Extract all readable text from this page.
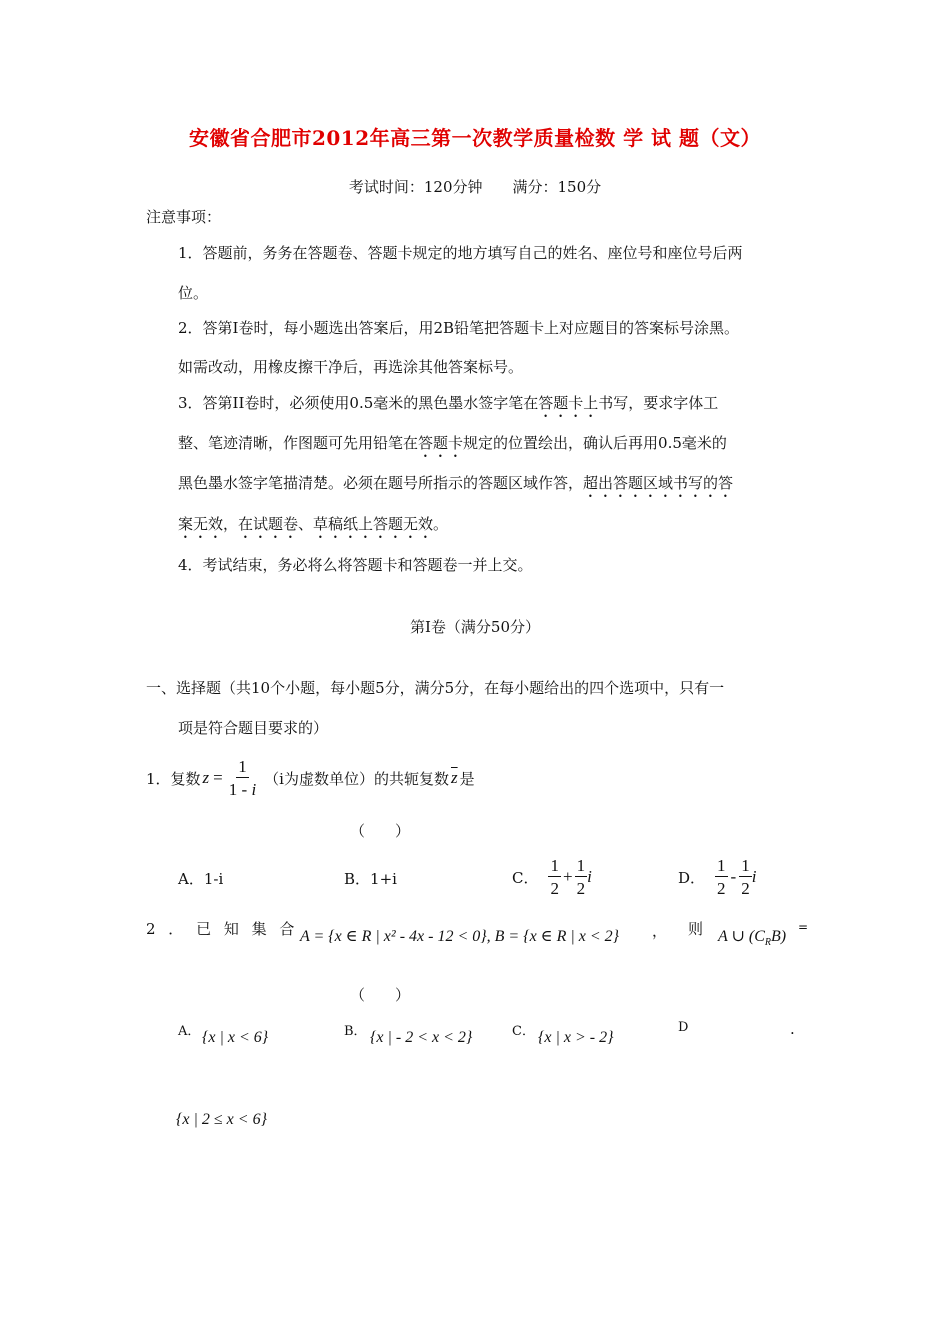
安徽省合肥市2012年高三第一次教学质量检数 学 试 题（文）
考试时间：120分钟　　满分：150分
注意事项：
1．答题前，务务在答题卷、答题卡规定的地方填写自己的姓名、座位号和座位号后两
位。
2．答第I卷时，每小题选出答案后，用2B铅笔把答题卡上对应题目的答案标号涂黑。
如需改动，用橡皮擦干净后，再选涂其他答案标号。
3．答第II卷时，必须使用0.5毫米的黑色墨水签字笔在答题卡上书写，要求字体工
整、笔迹清晰，作图题可先用铅笔在答题卡规定的位置绘出，确认后再用0.5毫米的
黑色墨水签字笔描清楚。必须在题号所指示的答题区域作答，超出答题区域书写的答
案无效，在试题卷、草稿纸上答题无效。
4．考试结束，务必将么将答题卡和答题卷一并上交。
第I卷（满分50分）
一、选择题（共10个小题，每小题5分，满分5分，在每小题给出的四个选项中，只有一
项是符合题目要求的）
1．复数 $z = \frac{1}{1 - i} (i$为虚数单位）的共轭复数 $\overline{z}$ 是
（　　）
A．1-i	B．1+i	C． $\frac{1}{2} + \frac{1}{2}$ i	D． $\frac{1}{2} - \frac{1}{2}$ i
2 ． 已 知 集 合 A = {x ∈ R | x² - 4x - 12 < 0}, B = {x ∈ R | x < 2} ， 则 A ∪ $(C_RB)$
=
（　　）
A． {x | x < 6}	B． {x | - 2 < x < 2}	C． {x | x > - 2}
D	.
{x | 2 ≤ x < 6}
